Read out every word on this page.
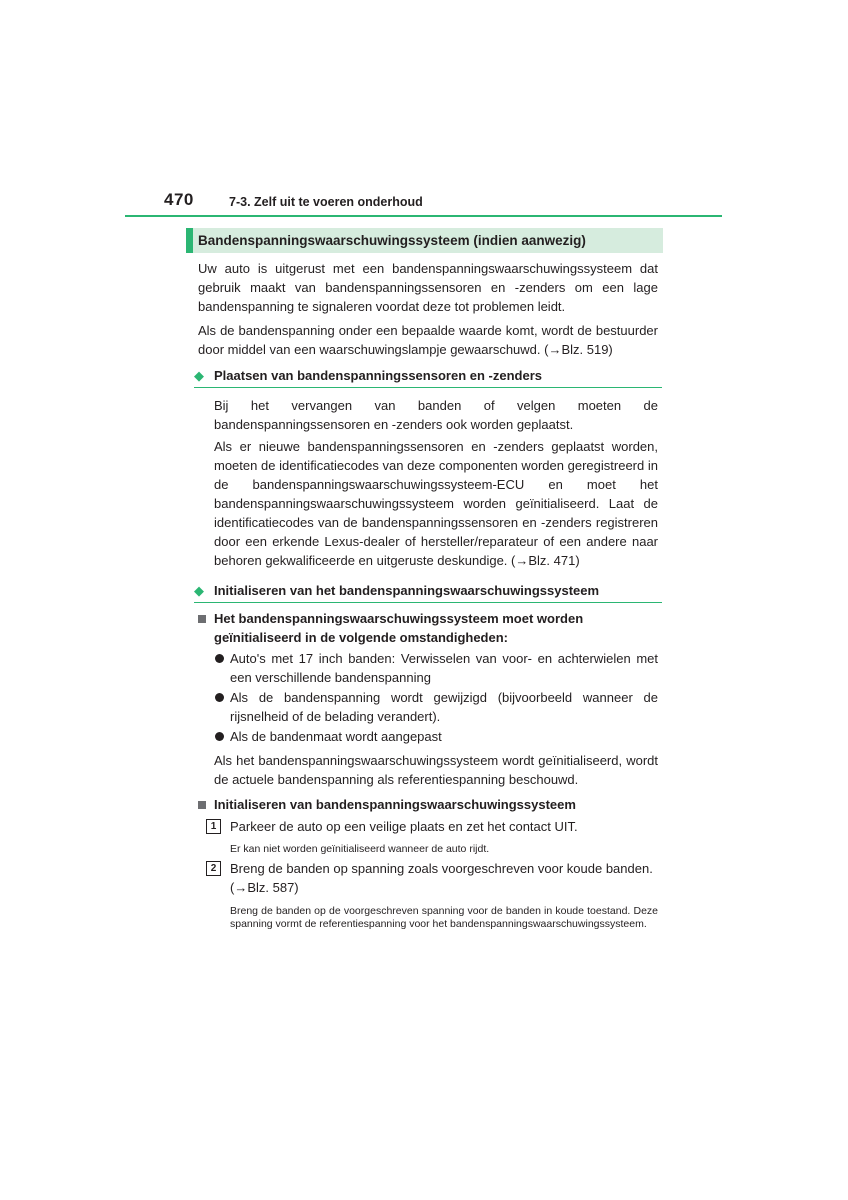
470	7-3. Zelf uit te voeren onderhoud
Bandenspanningswaarschuwingssysteem (indien aanwezig)

Uw auto is uitgerust met een bandenspanningswaarschuwingssysteem dat gebruik maakt van bandenspanningssensoren en -zenders om een lage bandenspanning te signaleren voordat deze tot problemen leidt.

Als de bandenspanning onder een bepaalde waarde komt, wordt de bestuurder door middel van een waarschuwingslampje gewaarschuwd. (→Blz. 519)

◆ Plaatsen van bandenspanningssensoren en -zenders

Bij het vervangen van banden of velgen moeten de bandenspanningssensoren en -zenders ook worden geplaatst.

Als er nieuwe bandenspanningssensoren en -zenders geplaatst worden, moeten de identificatiecodes van deze componenten worden geregistreerd in de bandenspanningswaarschuwingssysteem-ECU en moet het bandenspanningswaarschuwingssysteem worden geïnitialiseerd. Laat de identificatiecodes van de bandenspanningssensoren en -zenders registreren door een erkende Lexus-dealer of hersteller/reparateur of een andere naar behoren gekwalificeerde en uitgeruste deskundige. (→Blz. 471)

◆ Initialiseren van het bandenspanningswaarschuwingssysteem
Het bandenspanningswaarschuwingssysteem moet worden geïnitialiseerd in de volgende omstandigheden:

Auto's met 17 inch banden: Verwisselen van voor- en achterwielen met een verschillende bandenspanning

Als de bandenspanning wordt gewijzigd (bijvoorbeeld wanneer de rijsnelheid of de belading verandert).

Als de bandenmaat wordt aangepast

Als het bandenspanningswaarschuwingssysteem wordt geïnitialiseerd, wordt de actuele bandenspanning als referentiespanning beschouwd.

Initialiseren van bandenspanningswaarschuwingssysteem
1	Parkeer de auto op een veilige plaats en zet het contact UIT.
Er kan niet worden geïnitialiseerd wanneer de auto rijdt.
2	Breng de banden op spanning zoals voorgeschreven voor koude banden. (→Blz. 587)
Breng de banden op de voorgeschreven spanning voor de banden in koude toestand. Deze spanning vormt de referentiespanning voor het bandenspanningswaarschuwingssysteem.
